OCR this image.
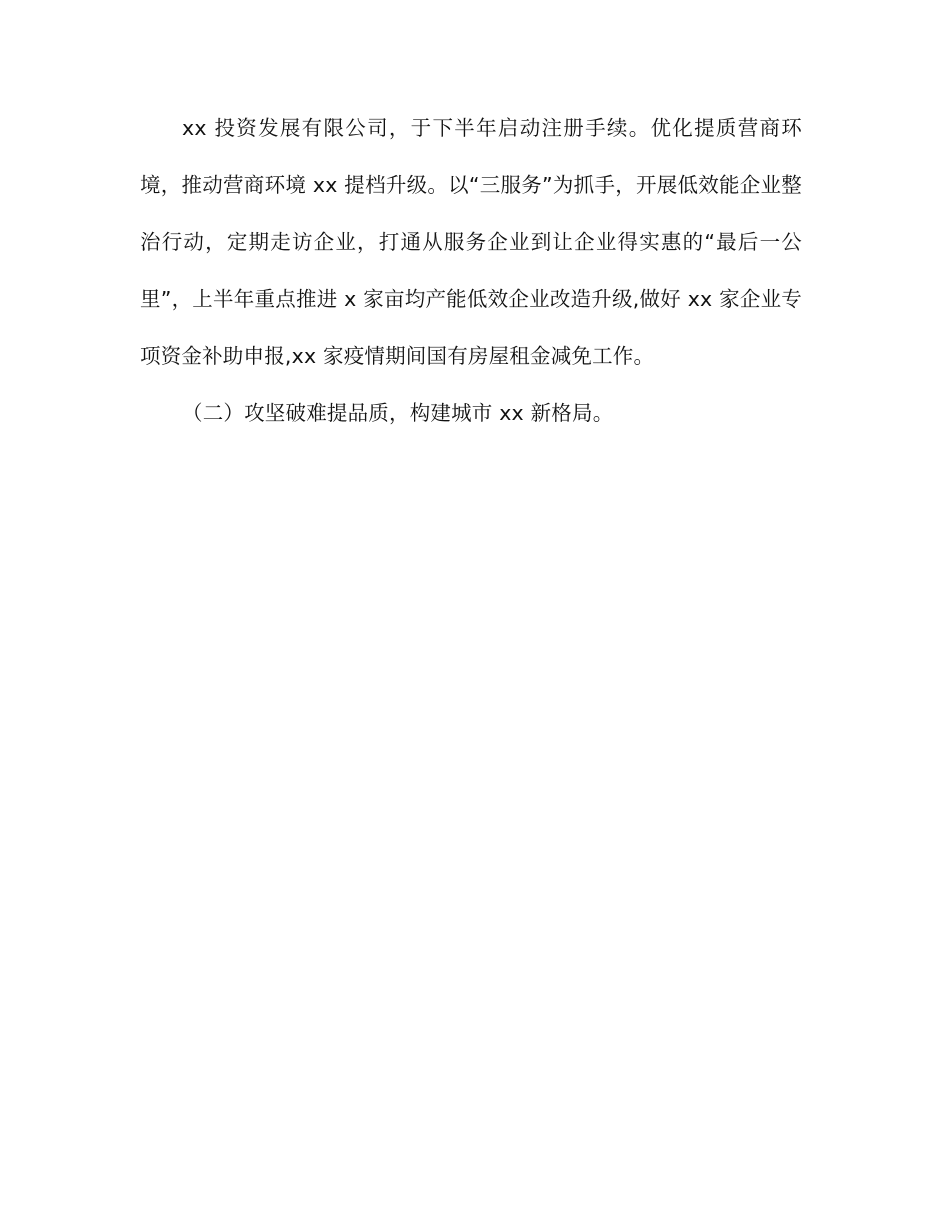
xx 投资发展有限公司，于下半年启动注册手续。优化提质营商环境，推动营商环境 xx 提档升级。以“三服务”为抓手，开展低效能企业整治行动，定期走访企业，打通从服务企业到让企业得实惠的“最后一公里”，上半年重点推进 x 家亩均产能低效企业改造升级,做好 xx 家企业专项资金补助申报,xx 家疫情期间国有房屋租金减免工作。

（二）攻坚破难提品质，构建城市 xx 新格局。
